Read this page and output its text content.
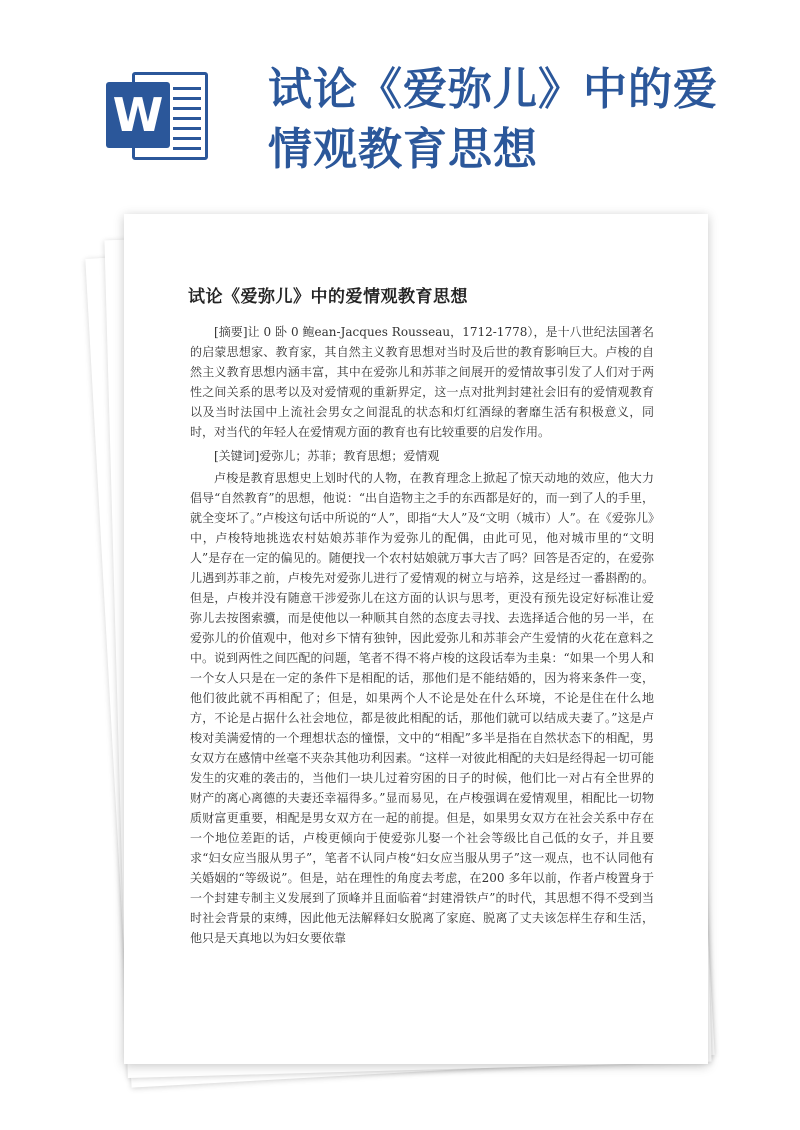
W 试论《爱弥儿》中的爱情观教育思想
试论《爱弥儿》中的爱情观教育思想

[摘要]让 0 卧 0 鲍ean-Jacques Rousseau，1712-1778），是十八世纪法国著名的启蒙思想家、教育家，其自然主义教育思想对当时及后世的教育影响巨大。卢梭的自然主义教育思想内涵丰富，其中在爱弥儿和苏菲之间展开的爱情故事引发了人们对于两性之间关系的思考以及对爱情观的重新界定，这一点对批判封建社会旧有的爱情观教育以及当时法国中上流社会男女之间混乱的状态和灯红酒绿的奢靡生活有积极意义，同时，对当代的年轻人在爱情观方面的教育也有比较重要的启发作用。

[关键词]爱弥儿；苏菲；教育思想；爱情观

卢梭是教育思想史上划时代的人物，在教育理念上掀起了惊天动地的效应，他大力倡导“自然教育”的思想，他说：“出自造物主之手的东西都是好的，而一到了人的手里，就全变坏了。”卢梭这句话中所说的“人”，即指“大人”及“文明（城市）人”。在《爱弥儿》中，卢梭特地挑选农村姑娘苏菲作为爱弥儿的配偶，由此可见，他对城市里的“文明人”是存在一定的偏见的。随便找一个农村姑娘就万事大吉了吗？回答是否定的，在爱弥儿遇到苏菲之前，卢梭先对爱弥儿进行了爱情观的树立与培养，这是经过一番斟酌的。但是，卢梭并没有随意干涉爱弥儿在这方面的认识与思考，更没有预先设定好标准让爱弥儿去按图索骥，而是使他以一种顺其自然的态度去寻找、去选择适合他的另一半，在爱弥儿的价值观中，他对乡下情有独钟，因此爱弥儿和苏菲会产生爱情的火花在意料之中。说到两性之间匹配的问题，笔者不得不将卢梭的这段话奉为圭臬：“如果一个男人和一个女人只是在一定的条件下是相配的话，那他们是不能结婚的，因为将来条件一变，他们彼此就不再相配了；但是，如果两个人不论是处在什么环境，不论是住在什么地方，不论是占据什么社会地位，都是彼此相配的话，那他们就可以结成夫妻了。”这是卢梭对美满爱情的一个理想状态的憧憬，文中的“相配”多半是指在自然状态下的相配，男女双方在感情中丝毫不夹杂其他功利因素。“这样一对彼此相配的夫妇是经得起一切可能发生的灾难的袭击的，当他们一块儿过着穷困的日子的时候，他们比一对占有全世界的财产的离心离德的夫妻还幸福得多。”显而易见，在卢梭强调在爱情观里，相配比一切物质财富更重要，相配是男女双方在一起的前提。但是，如果男女双方在社会关系中存在一个地位差距的话，卢梭更倾向于使爱弥儿娶一个社会等级比自己低的女子，并且要求“妇女应当服从男子”，笔者不认同卢梭“妇女应当服从男子”这一观点，也不认同他有关婚姻的“等级说”。但是，站在理性的角度去考虑，在200 多年以前，作者卢梭置身于一个封建专制主义发展到了顶峰并且面临着“封建滑铁卢”的时代，其思想不得不受到当时社会背景的束缚，因此他无法解释妇女脱离了家庭、脱离了丈夫该怎样生存和生活，他只是天真地以为妇女要依靠
